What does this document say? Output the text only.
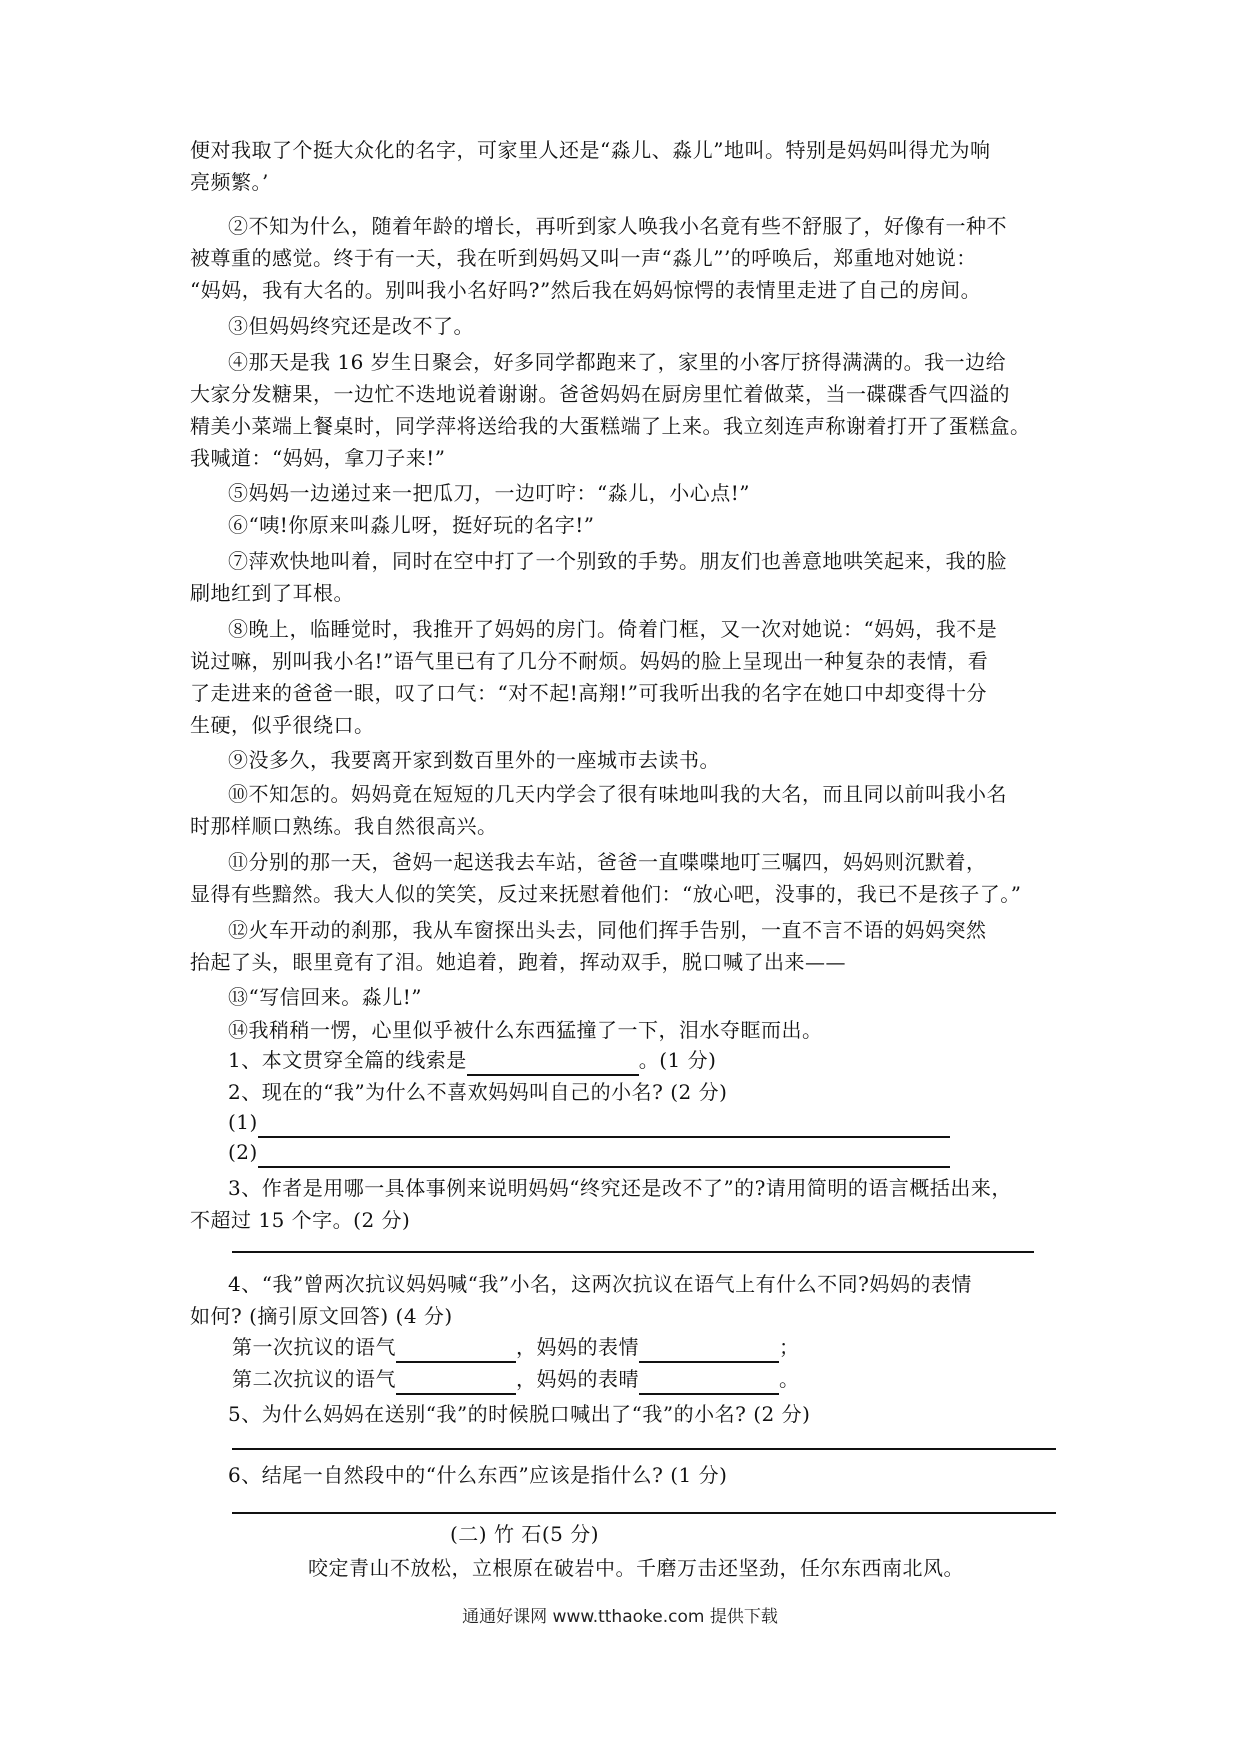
便对我取了个挺大众化的名字，可家里人还是“淼儿、淼儿”地叫。特别是妈妈叫得尤为响
亮频繁。’
②不知为什么，随着年龄的增长，再听到家人唤我小名竟有些不舒服了，好像有一种不
被尊重的感觉。终于有一天，我在听到妈妈又叫一声“淼儿”’的呼唤后，郑重地对她说：
“妈妈，我有大名的。别叫我小名好吗?”然后我在妈妈惊愕的表情里走进了自己的房间。
③但妈妈终究还是改不了。
④那天是我 16 岁生日聚会，好多同学都跑来了，家里的小客厅挤得满满的。我一边给
大家分发糖果，一边忙不迭地说着谢谢。爸爸妈妈在厨房里忙着做菜，当一碟碟香气四溢的
精美小菜端上餐桌时，同学萍将送给我的大蛋糕端了上来。我立刻连声称谢着打开了蛋糕盒。
我喊道：“妈妈，拿刀子来!”
⑤妈妈一边递过来一把瓜刀，一边叮咛：“淼儿，小心点!”
⑥“咦!你原来叫淼儿呀，挺好玩的名字!”
⑦萍欢快地叫着，同时在空中打了一个别致的手势。朋友们也善意地哄笑起来，我的脸
刷地红到了耳根。
⑧晚上，临睡觉时，我推开了妈妈的房门。倚着门框，又一次对她说：“妈妈，我不是
说过嘛，别叫我小名!”语气里已有了几分不耐烦。妈妈的脸上呈现出一种复杂的表情，看
了走进来的爸爸一眼，叹了口气：“对不起!高翔!”可我听出我的名字在她口中却变得十分
生硬，似乎很绕口。
⑨没多久，我要离开家到数百里外的一座城市去读书。
⑩不知怎的。妈妈竟在短短的几天内学会了很有味地叫我的大名，而且同以前叫我小名
时那样顺口熟练。我自然很高兴。
⑪分别的那一天，爸妈一起送我去车站，爸爸一直喋喋地叮三嘱四，妈妈则沉默着，
显得有些黯然。我大人似的笑笑，反过来抚慰着他们：“放心吧，没事的，我已不是孩子了。”
⑫火车开动的刹那，我从车窗探出头去，同他们挥手告别，一直不言不语的妈妈突然
抬起了头，眼里竟有了泪。她追着，跑着，挥动双手，脱口喊了出来——
⑬“写信回来。淼儿!”
⑭我稍稍一愣，心里似乎被什么东西猛撞了一下，泪水夺眶而出。
1、本文贯穿全篇的线索是	。(1 分)
2、现在的“我”为什么不喜欢妈妈叫自己的小名? (2 分)
(1)
(2)
3、作者是用哪一具体事例来说明妈妈“终究还是改不了”的?请用简明的语言概括出来，
不超过 15 个字。(2 分)
4、“我”曾两次抗议妈妈喊“我”小名，这两次抗议在语气上有什么不同?妈妈的表情
如何? (摘引原文回答) (4 分)
第一次抗议的语气	，妈妈的表情	；
第二次抗议的语气	，妈妈的表晴	。
5、为什么妈妈在送别“我”的时候脱口喊出了“我”的小名? (2 分)
6、结尾一自然段中的“什么东西”应该是指什么? (1 分)
(二) 竹 石(5 分)
咬定青山不放松，立根原在破岩中。千磨万击还坚劲，任尔东西南北风。
通通好课网 www.tthaoke.com 提供下载
